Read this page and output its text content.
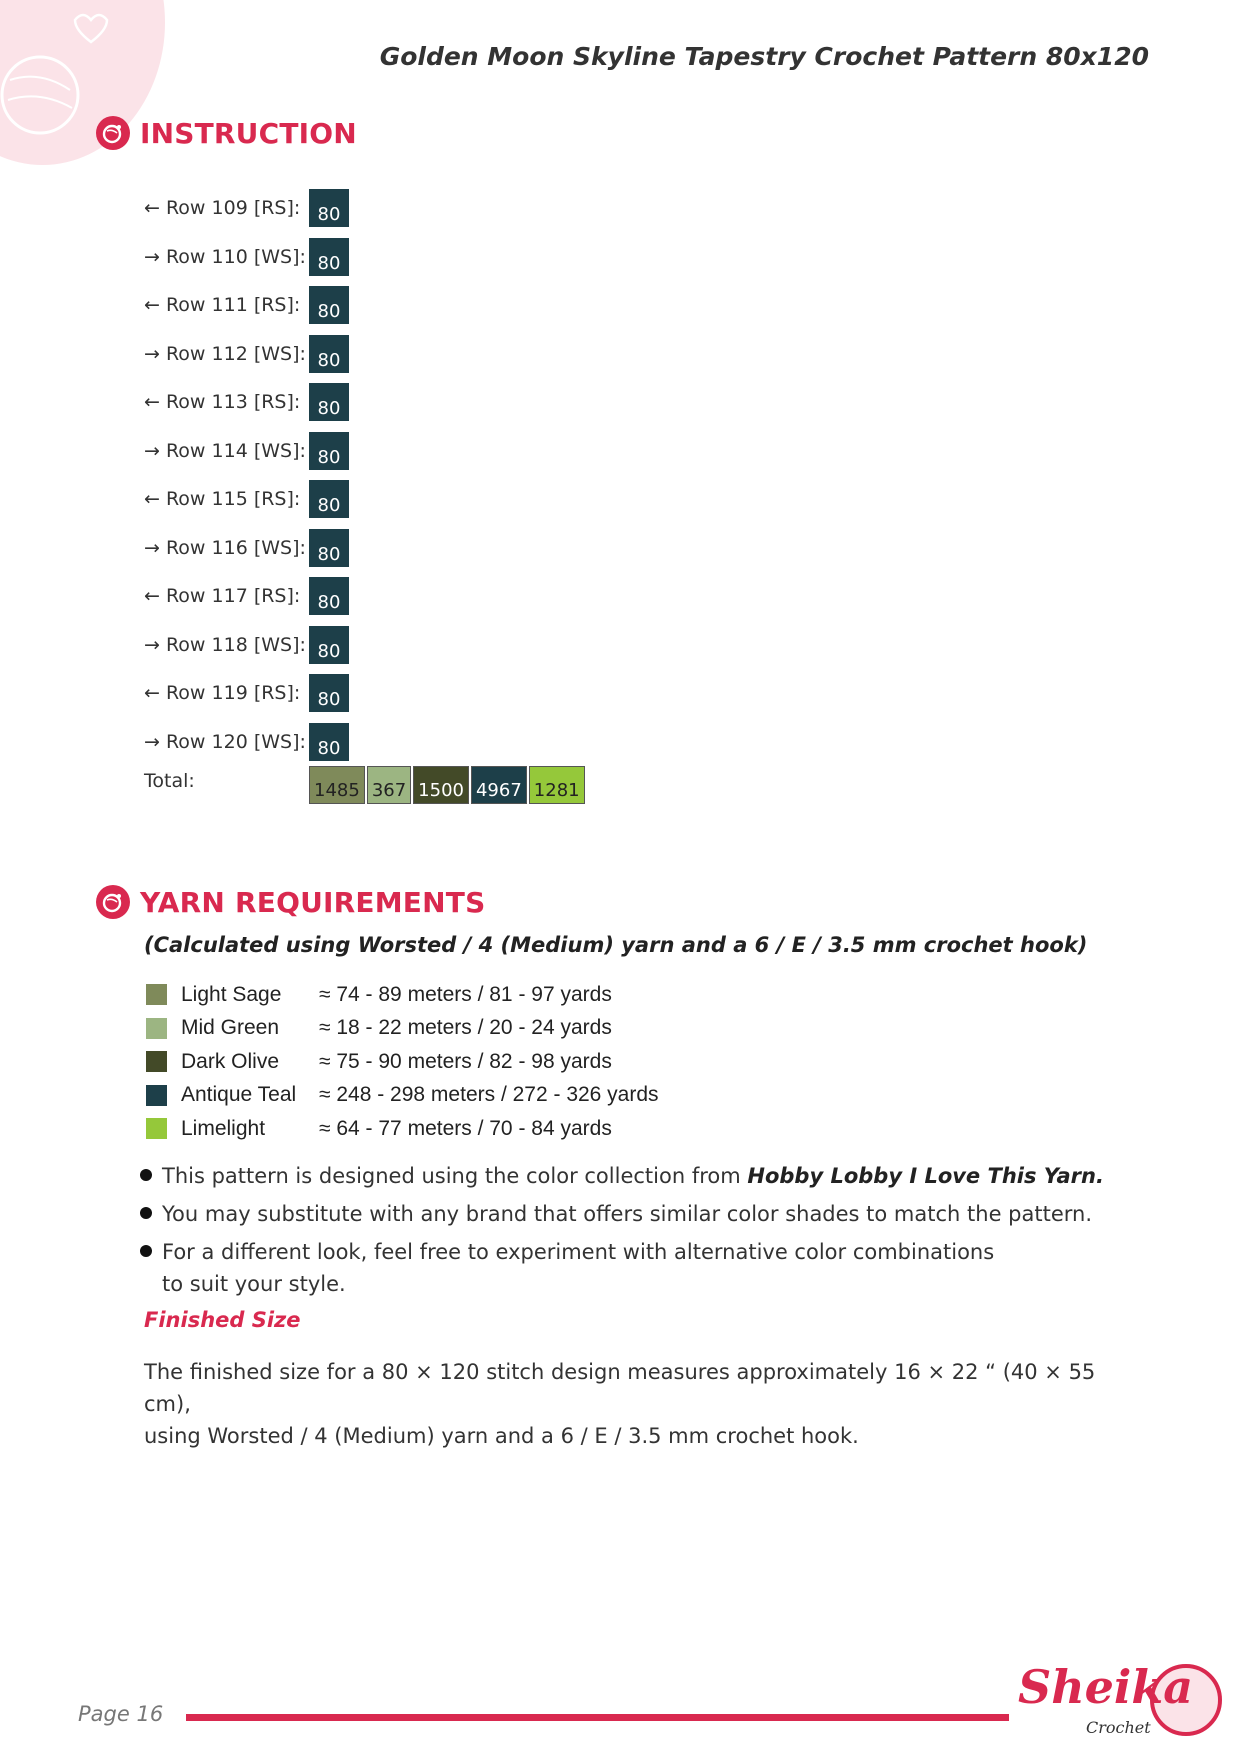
Golden Moon Skyline Tapestry Crochet Pattern 80x120
INSTRUCTION
← Row 109 [RS]: 80
→ Row 110 [WS]: 80
← Row 111 [RS]: 80
→ Row 112 [WS]: 80
← Row 113 [RS]: 80
→ Row 114 [WS]: 80
← Row 115 [RS]: 80
→ Row 116 [WS]: 80
← Row 117 [RS]: 80
→ Row 118 [WS]: 80
← Row 119 [RS]: 80
→ Row 120 [WS]: 80
Total:	1485 367 1500 4967 1281
YARN REQUIREMENTS
(Calculated using Worsted / 4 (Medium) yarn and a 6 / E / 3.5 mm crochet hook)
Light Sage	≈ 74 - 89 meters / 81 - 97 yards
Mid Green	≈ 18 - 22 meters / 20 - 24 yards
Dark Olive	≈ 75 - 90 meters / 82 - 98 yards
Antique Teal	≈ 248 - 298 meters / 272 - 326 yards
Limelight	≈ 64 - 77 meters / 70 - 84 yards
This pattern is designed using the color collection from Hobby Lobby I Love This Yarn.
You may substitute with any brand that offers similar color shades to match the pattern.
For a different look, feel free to experiment with alternative color combinations
to suit your style.
Finished Size
The finished size for a 80 × 120 stitch design measures approximately 16 × 22 “ (40 × 55 cm),
using Worsted / 4 (Medium) yarn and a 6 / E / 3.5 mm crochet hook.
Page 16	Sheika
Crochet
